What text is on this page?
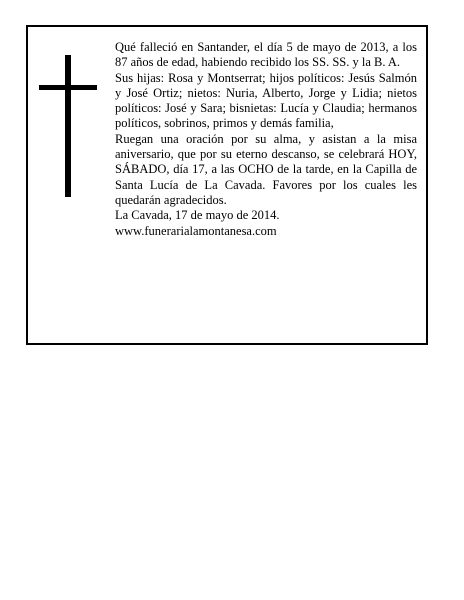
Qué falleció en Santander, el día 5 de mayo de 2013, a los 87 años de edad, habiendo recibido los SS. SS. y la B. A.

Sus hijas: Rosa y Montserrat; hijos políticos: Jesús Salmón y José Ortiz; nietos: Nuria, Alberto, Jorge y Lidia; nietos políticos: José y Sara; bisnietas: Lucía y Claudia; hermanos políticos, sobrinos, primos y demás familia,

Ruegan una oración por su alma, y asistan a la misa aniversario, que por su eterno descanso, se celebrará HOY, SÁBADO, día 17, a las OCHO de la tarde, en la Capilla de Santa Lucía de La Cavada. Favores por los cuales les quedarán agradecidos.

La Cavada, 17 de mayo de 2014.

www.funerarialamontanesa.com
